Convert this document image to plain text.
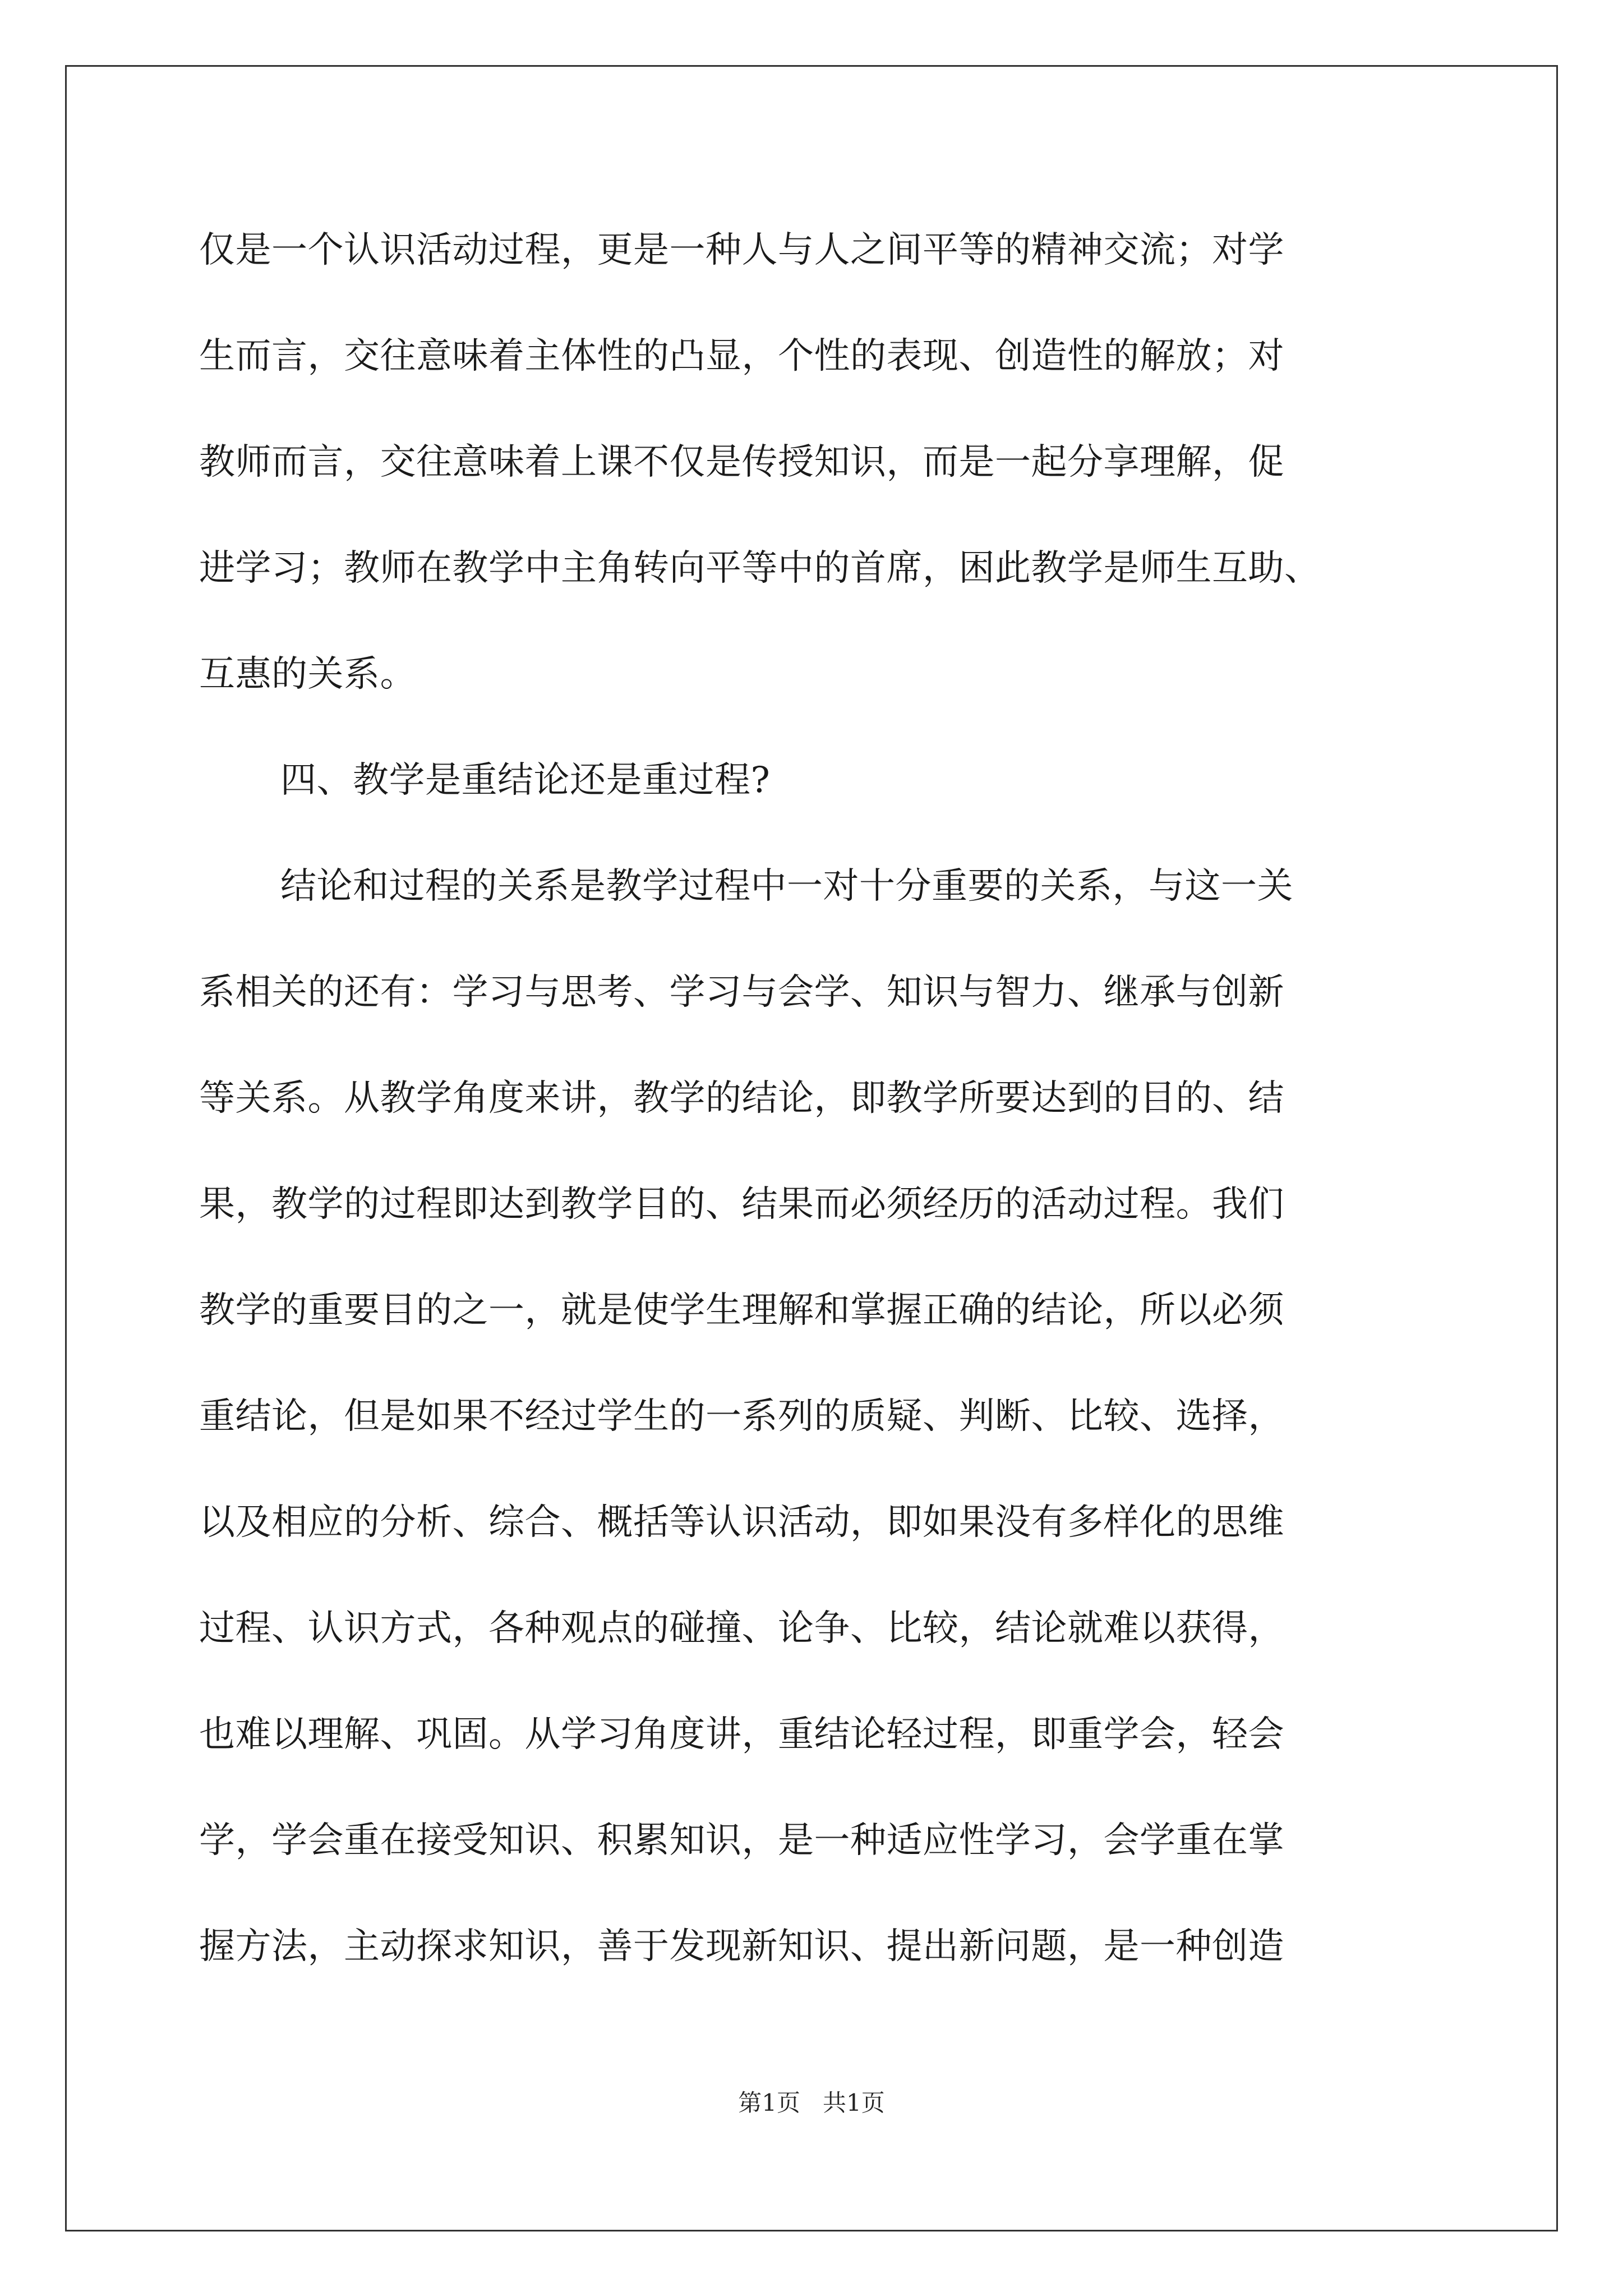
仅是一个认识活动过程，更是一种人与人之间平等的精神交流；对学
生而言，交往意味着主体性的凸显，个性的表现、创造性的解放；对
教师而言，交往意味着上课不仅是传授知识，而是一起分享理解，促
进学习；教师在教学中主角转向平等中的首席，困此教学是师生互助、
互惠的关系。
四、教学是重结论还是重过程?
结论和过程的关系是教学过程中一对十分重要的关系，与这一关
系相关的还有：学习与思考、学习与会学、知识与智力、继承与创新
等关系。从教学角度来讲，教学的结论，即教学所要达到的目的、结
果，教学的过程即达到教学目的、结果而必须经历的活动过程。我们
教学的重要目的之一，就是使学生理解和掌握正确的结论，所以必须
重结论，但是如果不经过学生的一系列的质疑、判断、比较、选择，
以及相应的分析、综合、概括等认识活动，即如果没有多样化的思维
过程、认识方式，各种观点的碰撞、论争、比较，结论就难以获得，
也难以理解、巩固。从学习角度讲，重结论轻过程，即重学会，轻会
学，学会重在接受知识、积累知识，是一种适应性学习，会学重在掌
握方法，主动探求知识，善于发现新知识、提出新问题，是一种创造
第1页   共1页
